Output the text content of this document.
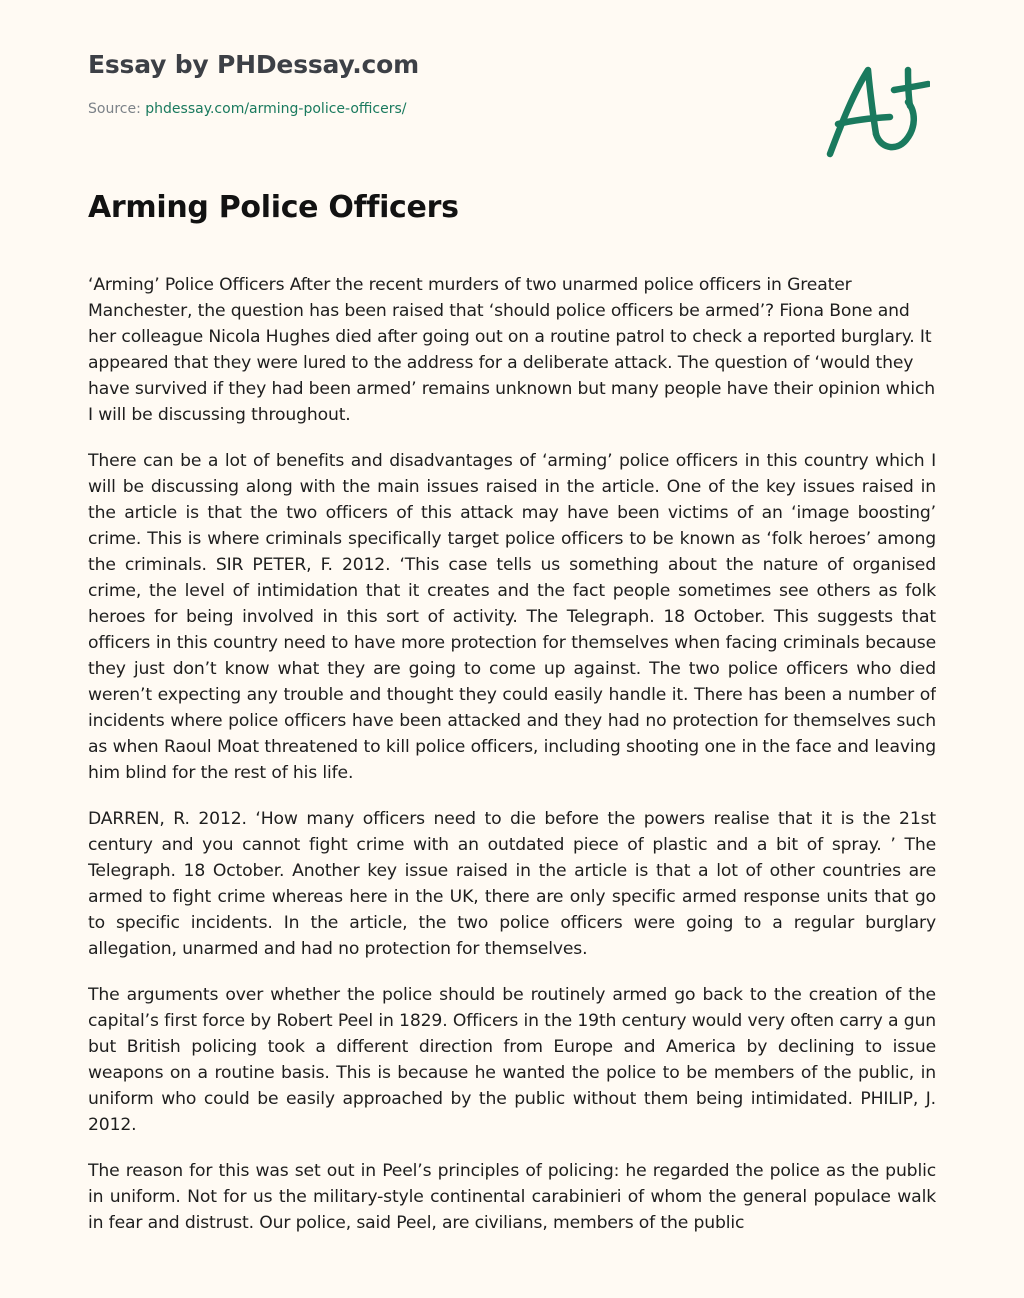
Essay by PHDessay.com
Source: phdessay.com/arming-police-officers/
Arming Police Officers

‘Arming’ Police Officers After the recent murders of two unarmed police officers in Greater Manchester, the question has been raised that ‘should police officers be armed’? Fiona Bone and her colleague Nicola Hughes died after going out on a routine patrol to check a reported burglary. It appeared that they were lured to the address for a deliberate attack. The question of ‘would they have survived if they had been armed’ remains unknown but many people have their opinion which I will be discussing throughout.

There can be a lot of benefits and disadvantages of ‘arming’ police officers in this country which I will be discussing along with the main issues raised in the article. One of the key issues raised in the article is that the two officers of this attack may have been victims of an ‘image boosting’ crime. This is where criminals specifically target police officers to be known as ‘folk heroes’ among the criminals. SIR PETER, F. 2012. ‘This case tells us something about the nature of organised crime, the level of intimidation that it creates and the fact people sometimes see others as folk heroes for being involved in this sort of activity. The Telegraph. 18 October. This suggests that officers in this country need to have more protection for themselves when facing criminals because they just don’t know what they are going to come up against. The two police officers who died weren’t expecting any trouble and thought they could easily handle it. There has been a number of incidents where police officers have been attacked and they had no protection for themselves such as when Raoul Moat threatened to kill police officers, including shooting one in the face and leaving him blind for the rest of his life.

DARREN, R. 2012. ‘How many officers need to die before the powers realise that it is the 21st century and you cannot fight crime with an outdated piece of plastic and a bit of spray. ’ The Telegraph. 18 October. Another key issue raised in the article is that a lot of other countries are armed to fight crime whereas here in the UK, there are only specific armed response units that go to specific incidents. In the article, the two police officers were going to a regular burglary allegation, unarmed and had no protection for themselves.

The arguments over whether the police should be routinely armed go back to the creation of the capital’s first force by Robert Peel in 1829. Officers in the 19th century would very often carry a gun but British policing took a different direction from Europe and America by declining to issue weapons on a routine basis. This is because he wanted the police to be members of the public, in uniform who could be easily approached by the public without them being intimidated. PHILIP, J. 2012.

The reason for this was set out in Peel’s principles of policing: he regarded the police as the public in uniform. Not for us the military-style continental carabinieri of whom the general populace walk in fear and distrust. Our police, said Peel, are civilians, members of the public
